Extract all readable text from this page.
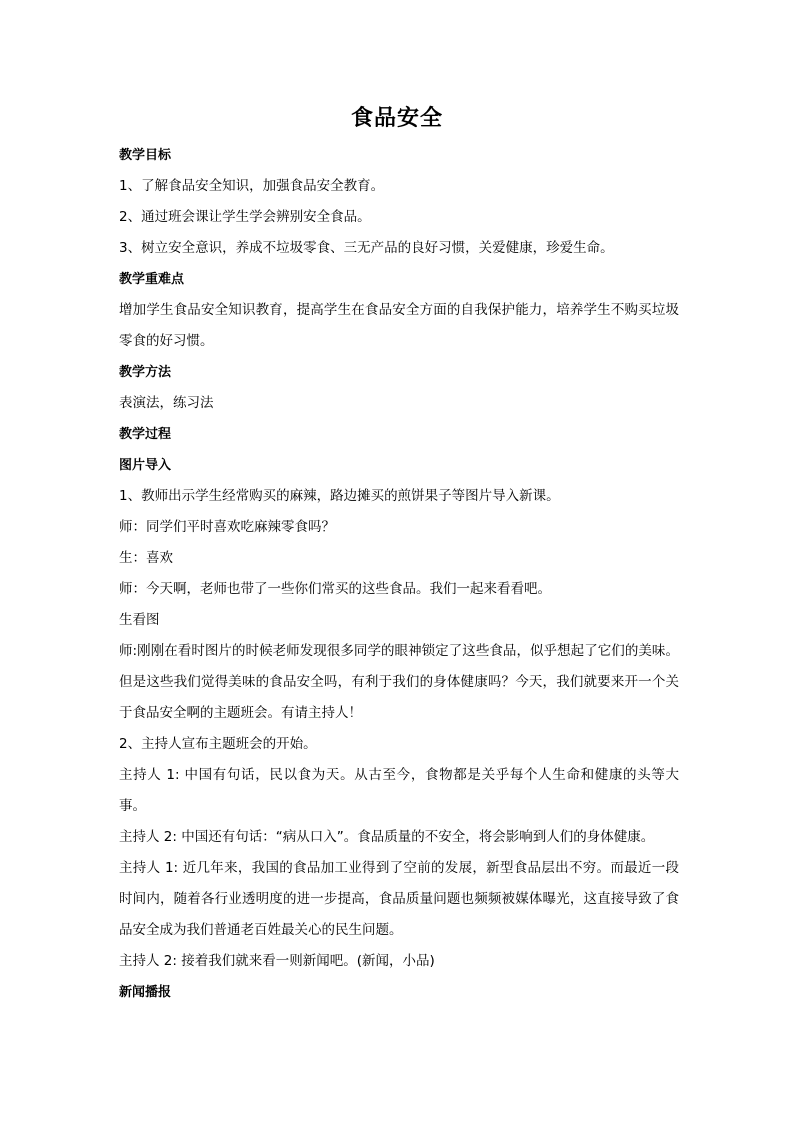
食品安全

教学目标

1、了解食品安全知识，加强食品安全教育。

2、通过班会课让学生学会辨别安全食品。

3、树立安全意识，养成不垃圾零食、三无产品的良好习惯，关爱健康，珍爱生命。

教学重难点

增加学生食品安全知识教育，提高学生在食品安全方面的自我保护能力，培养学生不购买垃圾零食的好习惯。

教学方法

表演法，练习法

教学过程

图片导入

1、教师出示学生经常购买的麻辣，路边摊买的煎饼果子等图片导入新课。

师：同学们平时喜欢吃麻辣零食吗？

生：喜欢

师：今天啊，老师也带了一些你们常买的这些食品。我们一起来看看吧。

生看图

师:刚刚在看时图片的时候老师发现很多同学的眼神锁定了这些食品，似乎想起了它们的美味。但是这些我们觉得美味的食品安全吗，有利于我们的身体健康吗？今天，我们就要来开一个关于食品安全啊的主题班会。有请主持人！

2、主持人宣布主题班会的开始。

主持人 1: 中国有句话，民以食为天。从古至今，食物都是关乎每个人生命和健康的头等大事。

主持人 2: 中国还有句话：“病从口入”。食品质量的不安全，将会影响到人们的身体健康。

主持人 1: 近几年来，我国的食品加工业得到了空前的发展，新型食品层出不穷。而最近一段时间内，随着各行业透明度的进一步提高，食品质量问题也频频被媒体曝光，这直接导致了食品安全成为我们普通老百姓最关心的民生问题。

主持人 2: 接着我们就来看一则新闻吧。(新闻，小品)

新闻播报
